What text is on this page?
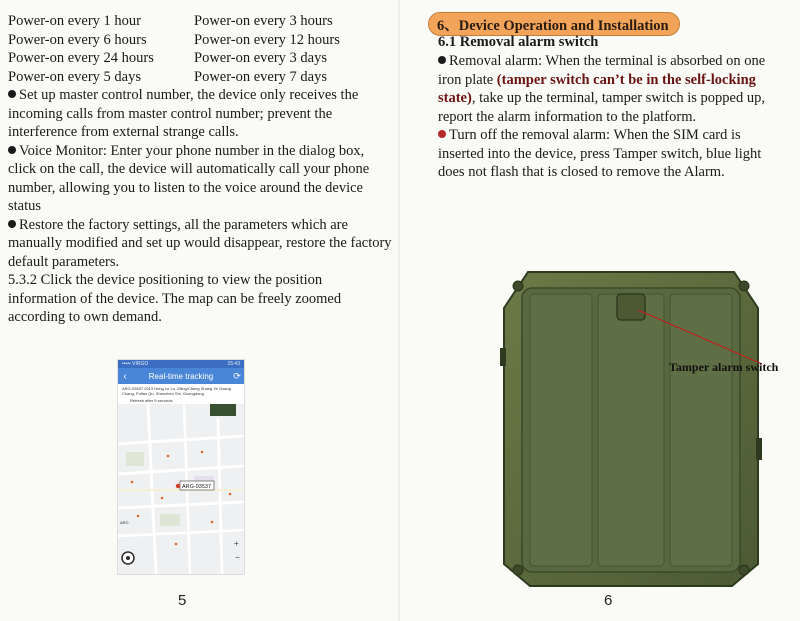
Power-on every 1 hour	Power-on every 3 hours
Power-on every 6 hours	Power-on every 12 hours
Power-on every 24 hours	Power-on every 3 days
Power-on every 5 days	Power-on every 7 days

Set up master control number, the device only receives the incoming calls from master control number; prevent the interference from external strange calls.

Voice Monitor: Enter your phone number in the dialog box, click on the call, the device will automatically call your phone number, allowing you to listen to the voice around the device status

Restore the factory settings, all the parameters which are manually modified and set up would disappear, restore the factory default parameters.

5.3.2 Click the device positioning to view the position information of the device. The map can be freely zoomed according to own demand.

••••• VIRGO	15:43
‹	Real-time tracking	⟳
ARG-93537 2013 Hong Le Lu, Ziling/Cheng Shang Ye Guang Chang, Futian Qu, Shenzhen Shi, Guangdong
Refresh after 9 seconds
ARG-93537
+
−
ARG
5
6、Device Operation and Installation
6.1 Removal alarm switch

Removal alarm: When the terminal is absorbed on one iron plate (tamper switch can’t be in the self-locking state), take up the terminal, tamper switch is popped up, report the alarm information to the platform.

Turn off the removal alarm: When the SIM card is inserted into the device, press Tamper switch, blue light does not flash that is closed to remove the Alarm.

Tamper alarm switch
6
